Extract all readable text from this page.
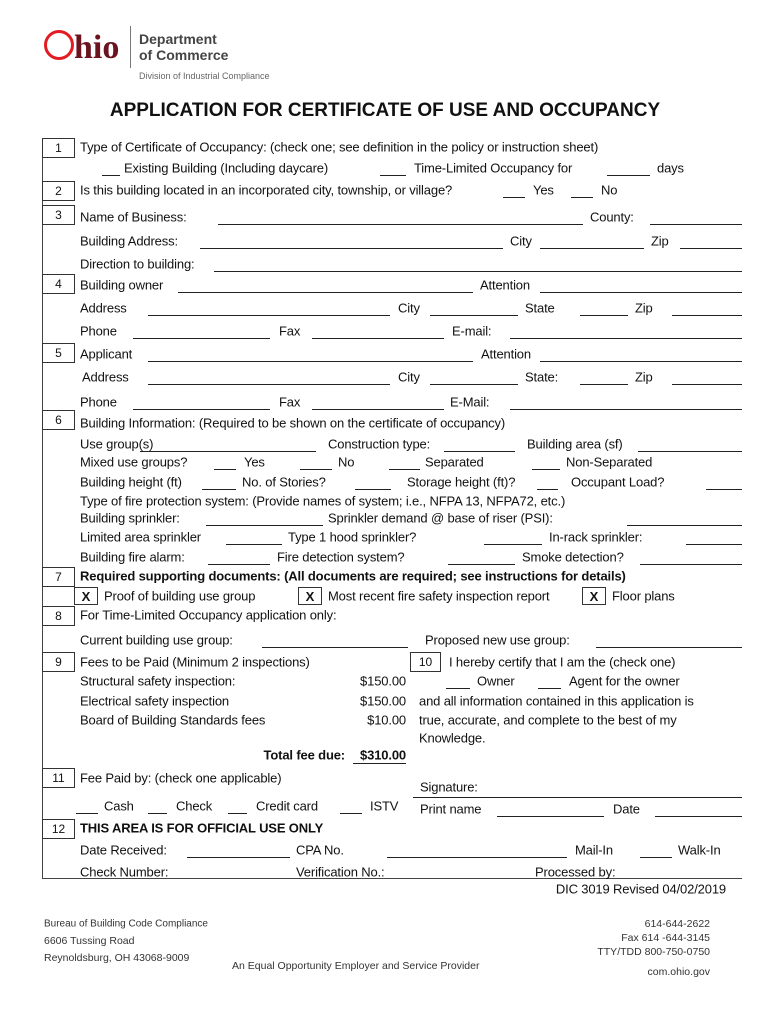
hio Department
of Commerce
Division of Industrial Compliance
APPLICATION FOR CERTIFICATE OF USE AND OCCUPANCY
1
2
3
4
5
6
7
8
9	10
11
12
Type of Certificate of Occupancy: (check one; see definition in the policy or instruction sheet)
Existing Building (Including daycare)	Time-Limited Occupancy for	days
Is this building located in an incorporated city, township, or village?	Yes	No
Name of Business:	County:
Building Address:	City	Zip
Direction to building:
Building owner	Attention
Address	City	State	Zip
Phone	Fax	E-mail:
Applicant	Attention
Address	City	State:	Zip
Phone	Fax	E-Mail:
Building Information: (Required to be shown on the certificate of occupancy)
Use group(s)	Construction type:	Building area (sf)
Mixed use groups?	Yes	No	Separated	Non-Separated
Building height (ft)	No. of Stories?	Storage height (ft)?	Occupant Load?
Type of fire protection system: (Provide names of system; i.e., NFPA 13, NFPA72, etc.)
Building sprinkler:	Sprinkler demand @ base of riser (PSI):
Limited area sprinkler	Type 1 hood sprinkler?	In-rack sprinkler:
Building fire alarm:	Fire detection system?	Smoke detection?
Required supporting documents: (All documents are required; see instructions for details)
X	Proof of building use group	X	Most recent fire safety inspection report	X	Floor plans
For Time-Limited Occupancy application only:
Current building use group:	Proposed new use group:
Fees to be Paid (Minimum 2 inspections)
Structural safety inspection:	$150.00
Electrical safety inspection	$150.00
Board of Building Standards fees	$10.00
Total fee due: $310.00
I hereby certify that I am the (check one)
Owner	Agent for the owner
and all information contained in this application is
true, accurate, and complete to the best of my
Knowledge.
Signature:
Print name	Date
Fee Paid by: (check one applicable)
Cash	Check	Credit card	ISTV
THIS AREA IS FOR OFFICIAL USE ONLY
Date Received:	CPA No.	Mail-In	Walk-In
Check Number:	Verification No.:	Processed by:
DIC 3019 Revised 04/02/2019
Bureau of Building Code Compliance
6606 Tussing Road
Reynoldsburg, OH 43068-9009
An Equal Opportunity Employer and Service Provider
614-644-2622
Fax 614 -644-3145
TTY/TDD 800-750-0750
com.ohio.gov
